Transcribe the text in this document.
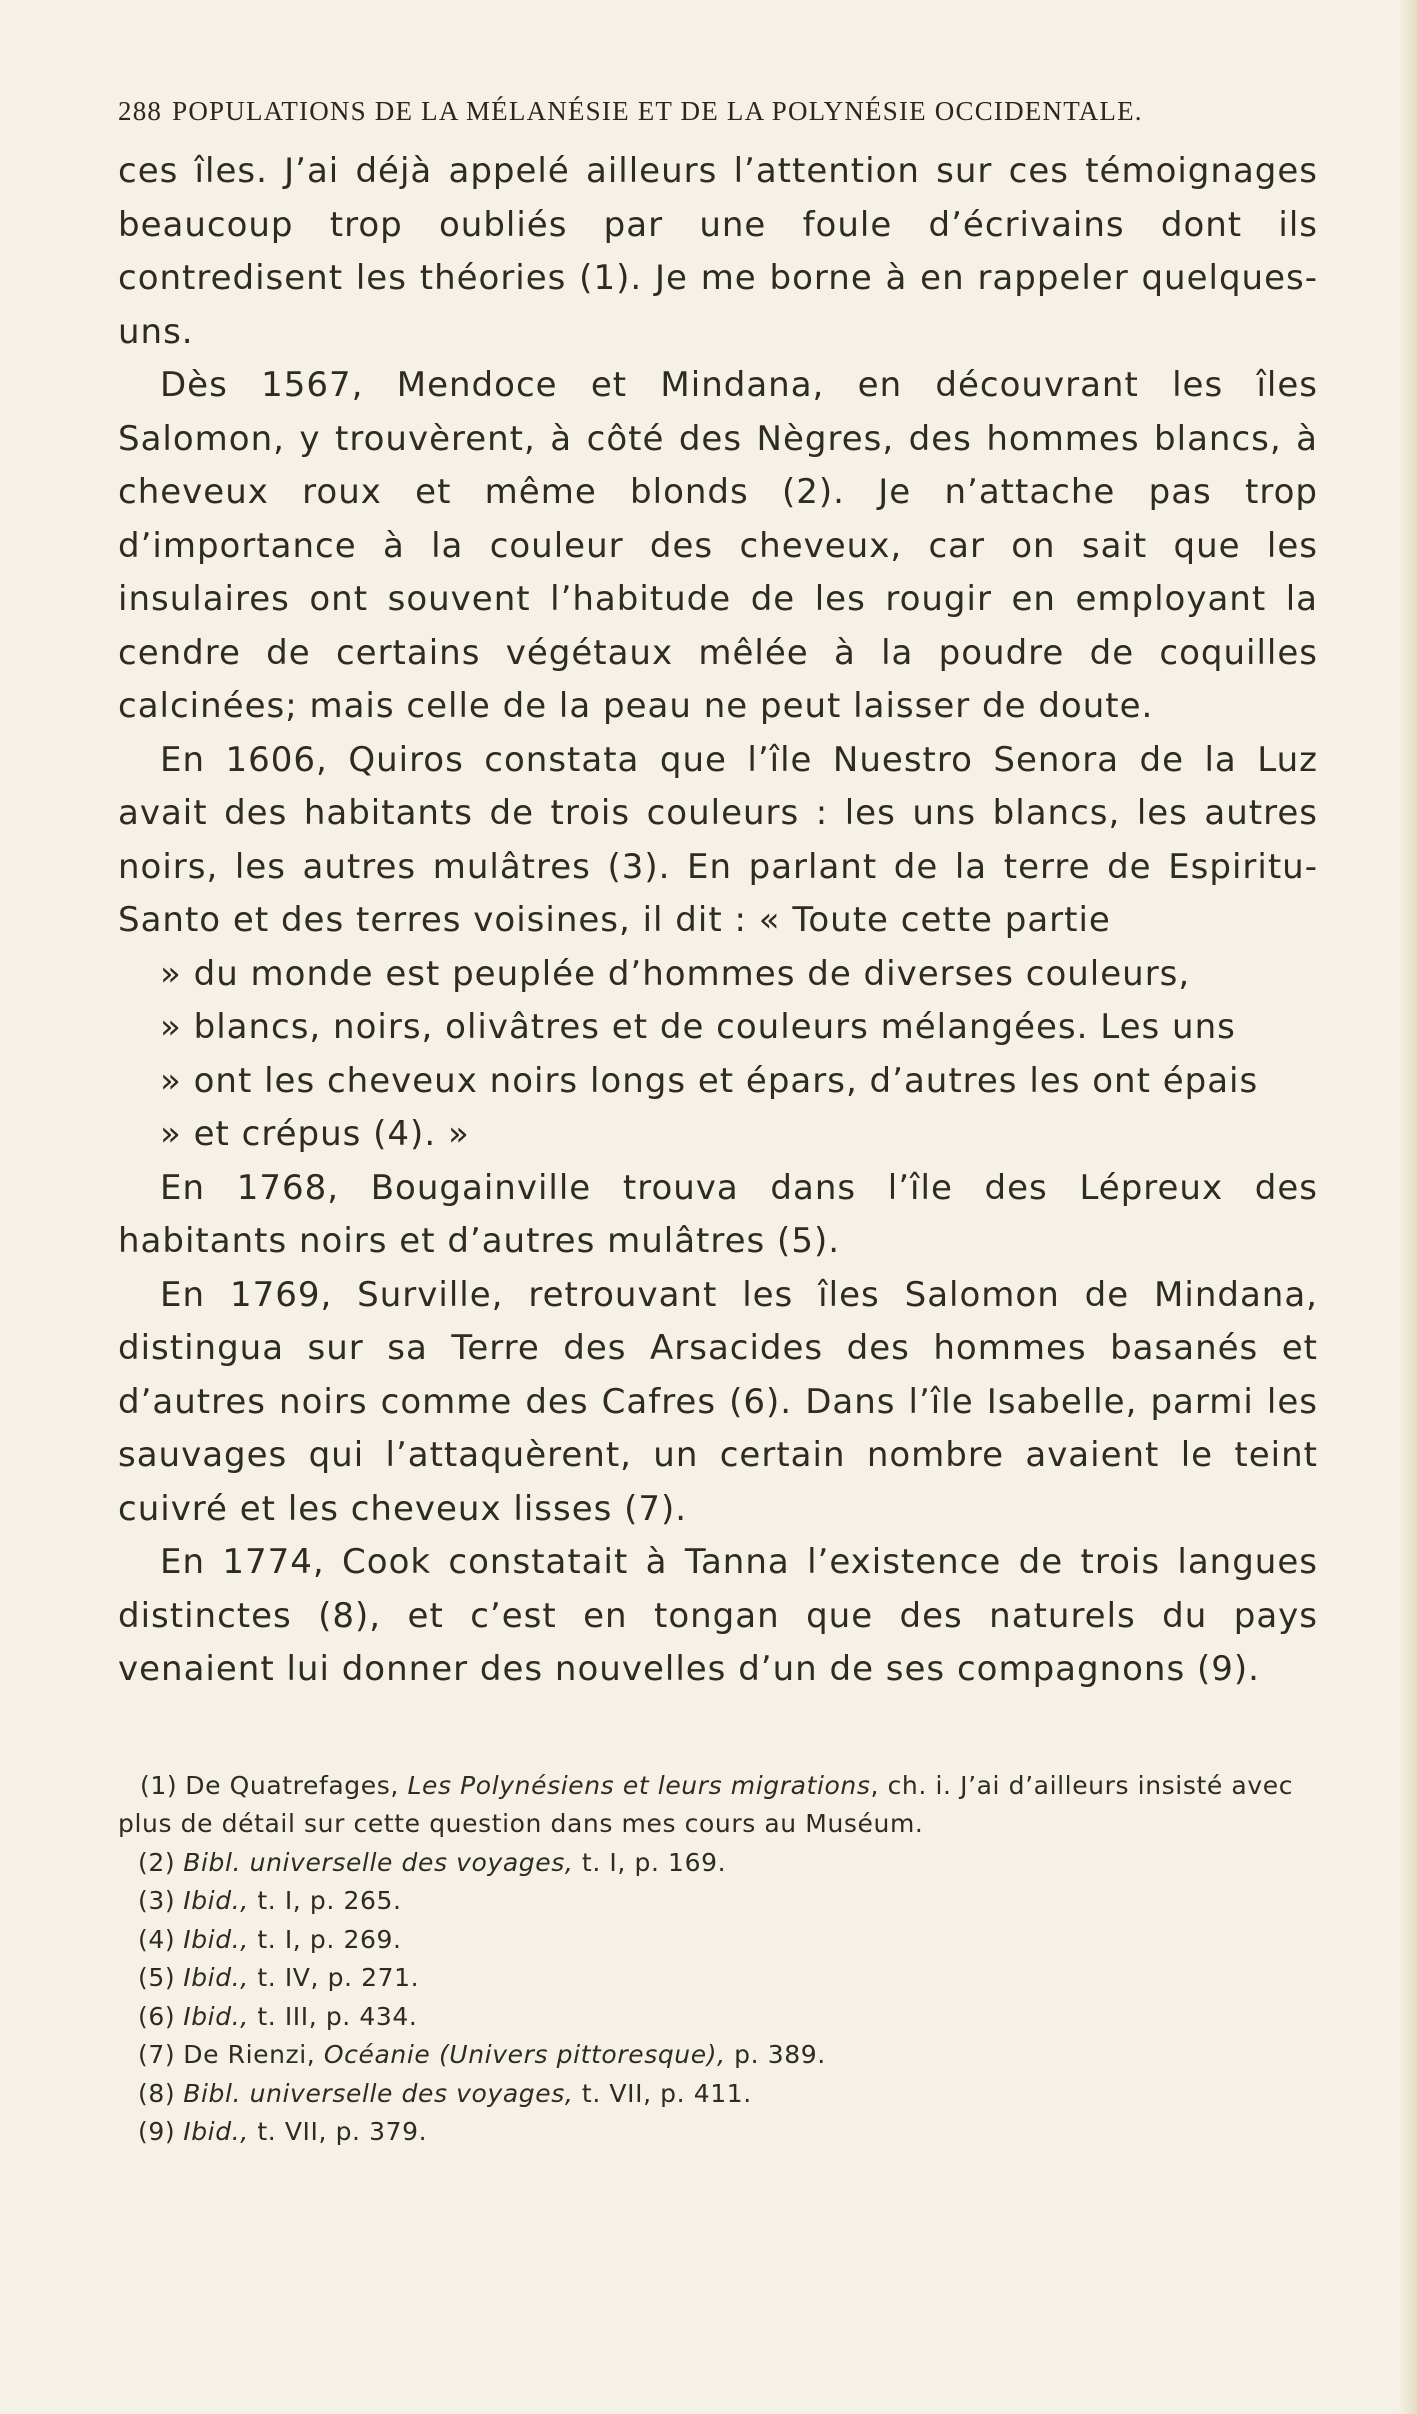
288 POPULATIONS DE LA MÉLANÉSIE ET DE LA POLYNÉSIE OCCIDENTALE.

ces îles. J’ai déjà appelé ailleurs l’attention sur ces témoignages beaucoup trop oubliés par une foule d’écrivains dont ils contredisent les théories (1). Je me borne à en rappeler quelques-uns.

Dès 1567, Mendoce et Mindana, en découvrant les îles Salomon, y trouvèrent, à côté des Nègres, des hommes blancs, à cheveux roux et même blonds (2). Je n’attache pas trop d’importance à la couleur des cheveux, car on sait que les insulaires ont souvent l’habitude de les rougir en employant la cendre de certains végétaux mêlée à la poudre de coquilles calcinées; mais celle de la peau ne peut laisser de doute.

En 1606, Quiros constata que l’île Nuestro Senora de la Luz avait des habitants de trois couleurs : les uns blancs, les autres noirs, les autres mulâtres (3). En parlant de la terre de Espiritu-Santo et des terres voisines, il dit : « Toute cette partie
» du monde est peuplée d’hommes de diverses couleurs,
» blancs, noirs, olivâtres et de couleurs mélangées. Les uns
» ont les cheveux noirs longs et épars, d’autres les ont épais
» et crépus (4). »

En 1768, Bougainville trouva dans l’île des Lépreux des habitants noirs et d’autres mulâtres (5).

En 1769, Surville, retrouvant les îles Salomon de Mindana, distingua sur sa Terre des Arsacides des hommes basanés et d’autres noirs comme des Cafres (6). Dans l’île Isabelle, parmi les sauvages qui l’attaquèrent, un certain nombre avaient le teint cuivré et les cheveux lisses (7).

En 1774, Cook constatait à Tanna l’existence de trois langues distinctes (8), et c’est en tongan que des naturels du pays venaient lui donner des nouvelles d’un de ses compagnons (9).

(1) De Quatrefages, Les Polynésiens et leurs migrations, ch. i. J’ai d’ailleurs insisté avec plus de détail sur cette question dans mes cours au Muséum.

(2) Bibl. universelle des voyages, t. I, p. 169.

(3) Ibid., t. I, p. 265.

(4) Ibid., t. I, p. 269.

(5) Ibid., t. IV, p. 271.

(6) Ibid., t. III, p. 434.

(7) De Rienzi, Océanie (Univers pittoresque), p. 389.

(8) Bibl. universelle des voyages, t. VII, p. 411.

(9) Ibid., t. VII, p. 379.
